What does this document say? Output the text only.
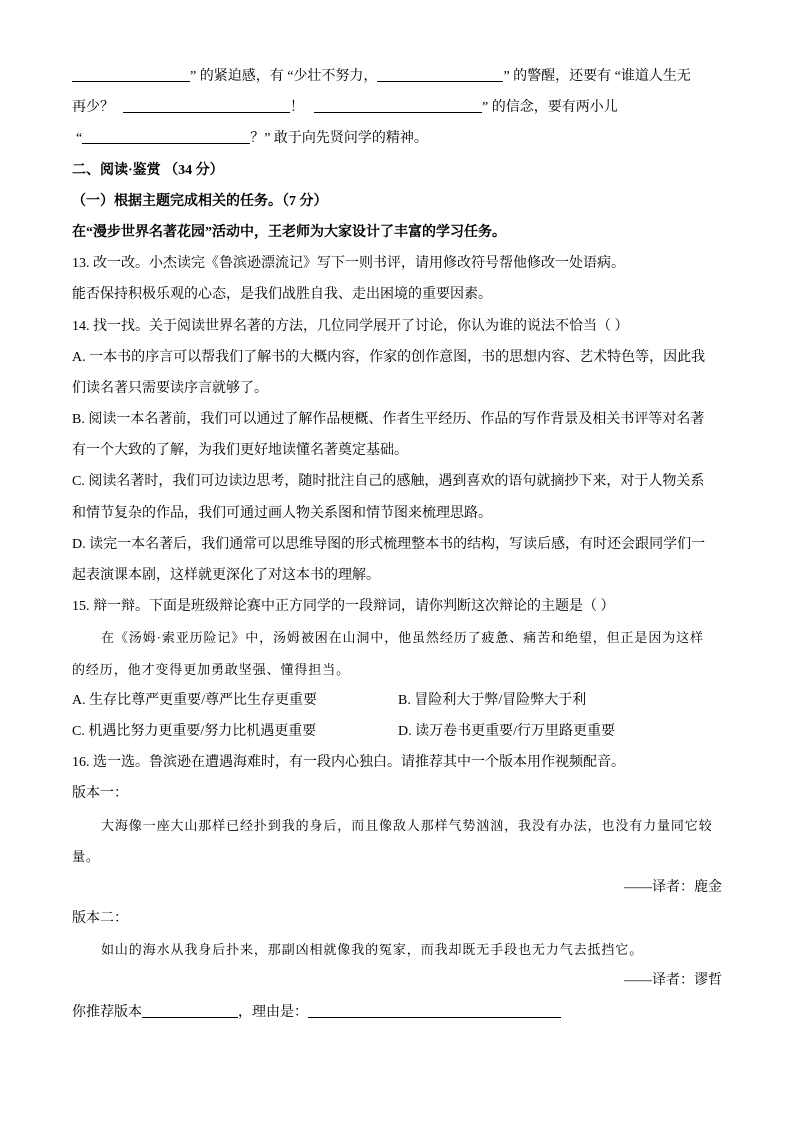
” 的紧迫感，有 “少壮不努力，	” 的警醒，还要有 “谁道人生无
再少？	！	” 的信念，要有两小儿
“	？” 敢于向先贤问学的精神。
二、阅读·鉴赏 （34 分）
（一）根据主题完成相关的任务。（7 分）
在“漫步世界名著花园”活动中，王老师为大家设计了丰富的学习任务。
13. 改一改。小杰读完《鲁滨逊漂流记》写下一则书评，请用修改符号帮他修改一处语病。
能否保持积极乐观的心态，是我们战胜自我、走出困境的重要因素。
14. 找一找。关于阅读世界名著的方法，几位同学展开了讨论，你认为谁的说法不恰当（ ）
A. 一本书的序言可以帮我们了解书的大概内容，作家的创作意图，书的思想内容、艺术特色等，因此我
们读名著只需要读序言就够了。
B. 阅读一本名著前，我们可以通过了解作品梗概、作者生平经历、作品的写作背景及相关书评等对名著
有一个大致的了解，为我们更好地读懂名著奠定基础。
C. 阅读名著时，我们可边读边思考，随时批注自己的感触，遇到喜欢的语句就摘抄下来，对于人物关系
和情节复杂的作品，我们可通过画人物关系图和情节图来梳理思路。
D. 读完一本名著后，我们通常可以思维导图的形式梳理整本书的结构，写读后感，有时还会跟同学们一
起表演课本剧，这样就更深化了对这本书的理解。
15. 辩一辩。下面是班级辩论赛中正方同学的一段辩词，请你判断这次辩论的主题是（ ）
在《汤姆·索亚历险记》中，汤姆被困在山洞中，他虽然经历了疲惫、痛苦和绝望，但正是因为这样
的经历，他才变得更加勇敢坚强、懂得担当。
A. 生存比尊严更重要/尊严比生存更重要	B. 冒险利大于弊/冒险弊大于利
C. 机遇比努力更重要/努力比机遇更重要	D. 读万卷书更重要/行万里路更重要
16. 选一选。鲁滨逊在遭遇海难时，有一段内心独白。请推荐其中一个版本用作视频配音。
版本一：
大海像一座大山那样已经扑到我的身后，而且像敌人那样气势汹汹，我没有办法，也没有力量同它较
量。
——译者：鹿金
版本二：
如山的海水从我身后扑来，那副凶相就像我的冤家，而我却既无手段也无力气去抵挡它。
——译者：谬哲
你推荐版本	，理由是：
